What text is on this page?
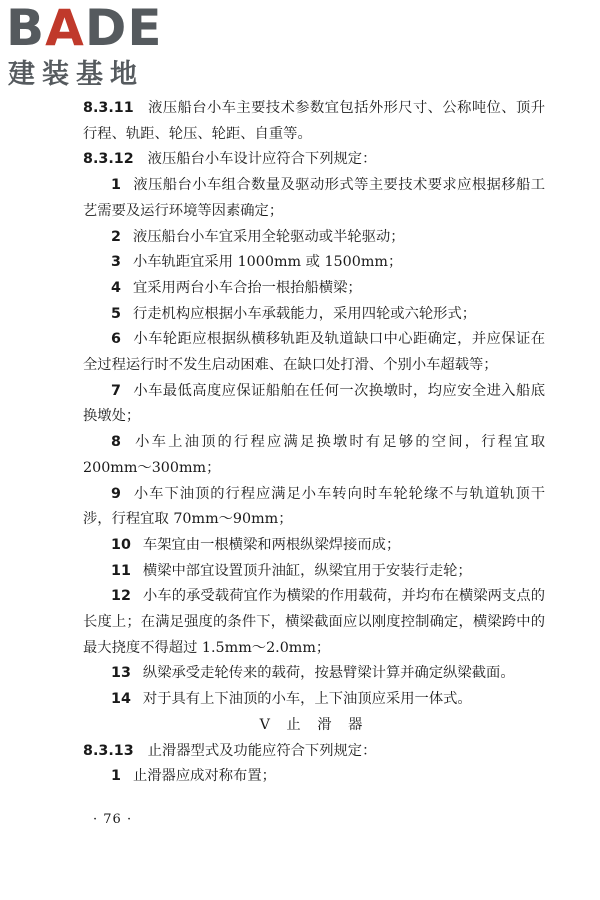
BADE
建装基地

8.3.11 液压船台小车主要技术参数宜包括外形尺寸、公称吨位、顶升行程、轨距、轮压、轮距、自重等。

8.3.12 液压船台小车设计应符合下列规定：

1 液压船台小车组合数量及驱动形式等主要技术要求应根据移船工艺需要及运行环境等因素确定；

2 液压船台小车宜采用全轮驱动或半轮驱动；

3 小车轨距宜采用 1000mm 或 1500mm；

4 宜采用两台小车合抬一根抬船横梁；

5 行走机构应根据小车承载能力，采用四轮或六轮形式；

6 小车轮距应根据纵横移轨距及轨道缺口中心距确定，并应保证在全过程运行时不发生启动困难、在缺口处打滑、个别小车超载等；

7 小车最低高度应保证船舶在任何一次换墩时，均应安全进入船底换墩处；

8 小车上油顶的行程应满足换墩时有足够的空间，行程宜取 200mm～300mm；

9 小车下油顶的行程应满足小车转向时车轮轮缘不与轨道轨顶干涉，行程宜取 70mm～90mm；

10 车架宜由一根横梁和两根纵梁焊接而成；

11 横梁中部宜设置顶升油缸，纵梁宜用于安装行走轮；

12 小车的承受载荷宜作为横梁的作用载荷，并均布在横梁两支点的长度上；在满足强度的条件下，横梁截面应以刚度控制确定，横梁跨中的最大挠度不得超过 1.5mm～2.0mm；

13 纵梁承受走轮传来的载荷，按悬臂梁计算并确定纵梁截面。

14 对于具有上下油顶的小车，上下油顶应采用一体式。

V 止 滑 器

8.3.13 止滑器型式及功能应符合下列规定：

1 止滑器应成对称布置；

· 76 ·
